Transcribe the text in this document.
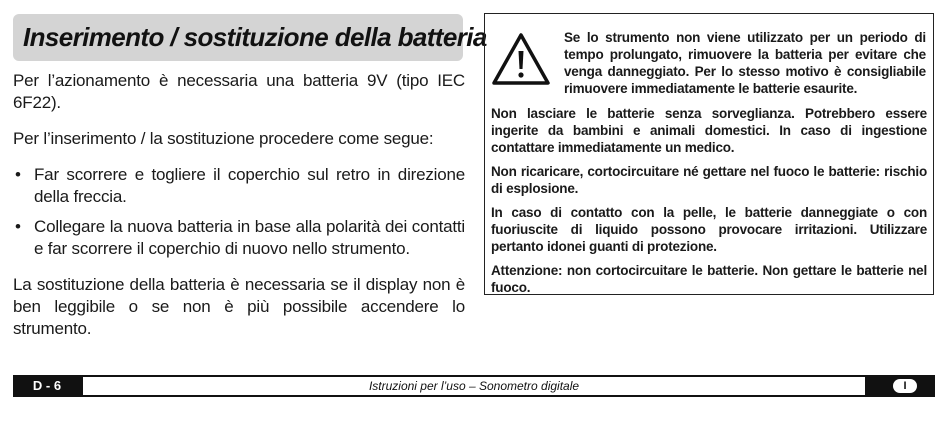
Inserimento / sostituzione della batteria

Per l’azionamento è necessaria una batteria 9V (tipo IEC 6F22).

Per l’inserimento / la sostituzione procedere come segue:

• Far scorrere e togliere il coperchio sul retro in direzione della freccia.
• Collegare la nuova batteria in base alla polarità dei contatti e far scorrere il coperchio di nuovo nello strumento.

La sostituzione della batteria è necessaria se il display non è ben leggibile o se non è più possibile accendere lo strumento.

Se lo strumento non viene utilizzato per un periodo di tempo prolungato, rimuovere la batteria per evitare che venga danneggiato. Per lo stesso motivo è consigliabile rimuovere immediatamente le batterie esaurite.

Non lasciare le batterie senza sorveglianza. Potrebbero essere ingerite da bambini e animali domestici. In caso di ingestione contattare immediatamente un medico.

Non ricaricare, cortocircuitare né gettare nel fuoco le batterie: rischio di esplosione.

In caso di contatto con la pelle, le batterie danneggiate o con fuoriuscite di liquido possono provocare irritazioni. Utilizzare pertanto idonei guanti di protezione.

Attenzione: non cortocircuitare le batterie. Non gettare le batterie nel fuoco.

D - 6	Istruzioni per l’uso – Sonometro digitale	I
